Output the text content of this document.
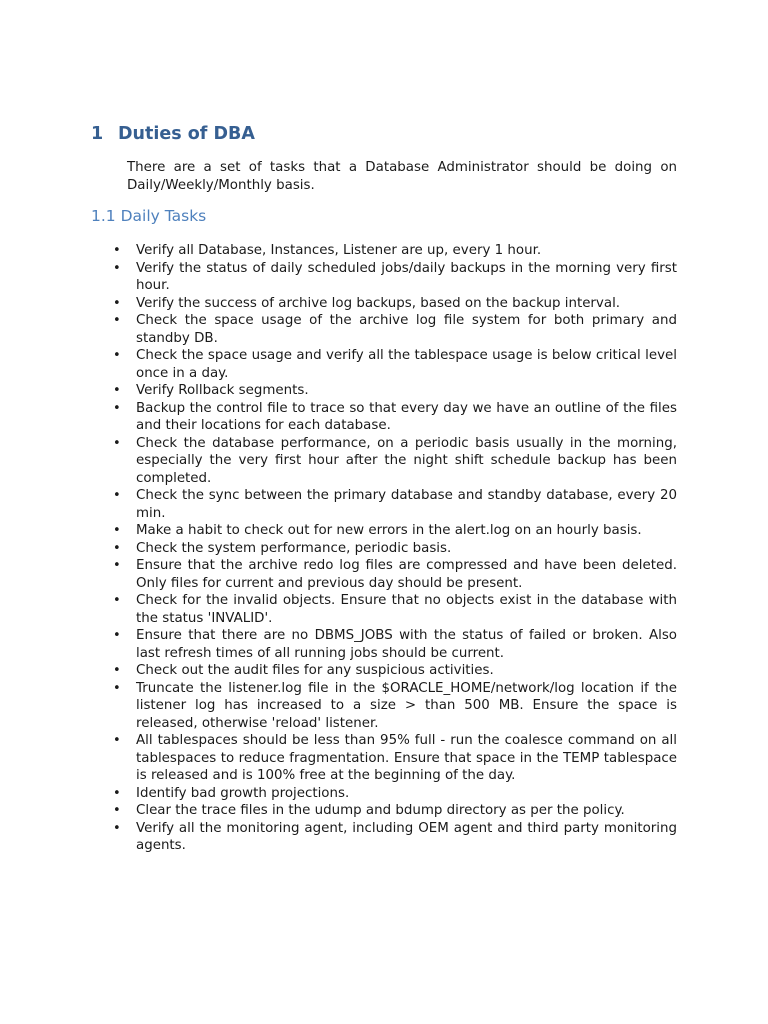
1 Duties of DBA
There are a set of tasks that a Database Administrator should be doing on Daily/Weekly/Monthly basis.
1.1 Daily Tasks
• Verify all Database, Instances, Listener are up, every 1 hour.
• Verify the status of daily scheduled jobs/daily backups in the morning very first hour.
• Verify the success of archive log backups, based on the backup interval.
• Check the space usage of the archive log file system for both primary and standby DB.
• Check the space usage and verify all the tablespace usage is below critical level once in a day.
• Verify Rollback segments.
• Backup the control file to trace so that every day we have an outline of the files and their locations for each database.
• Check the database performance, on a periodic basis usually in the morning, especially the very first hour after the night shift schedule backup has been completed.
• Check the sync between the primary database and standby database, every 20 min.
• Make a habit to check out for new errors in the alert.log on an hourly basis.
• Check the system performance, periodic basis.
• Ensure that the archive redo log files are compressed and have been deleted. Only files for current and previous day should be present.
• Check for the invalid objects. Ensure that no objects exist in the database with the status 'INVALID'.
• Ensure that there are no DBMS_JOBS with the status of failed or broken. Also last refresh times of all running jobs should be current.
• Check out the audit files for any suspicious activities.
• Truncate the listener.log file in the $ORACLE_HOME/network/log location if the listener log has increased to a size > than 500 MB. Ensure the space is released, otherwise 'reload' listener.
• All tablespaces should be less than 95% full - run the coalesce command on all tablespaces to reduce fragmentation. Ensure that space in the TEMP tablespace is released and is 100% free at the beginning of the day.
• Identify bad growth projections.
• Clear the trace files in the udump and bdump directory as per the policy.
• Verify all the monitoring agent, including OEM agent and third party monitoring agents.
